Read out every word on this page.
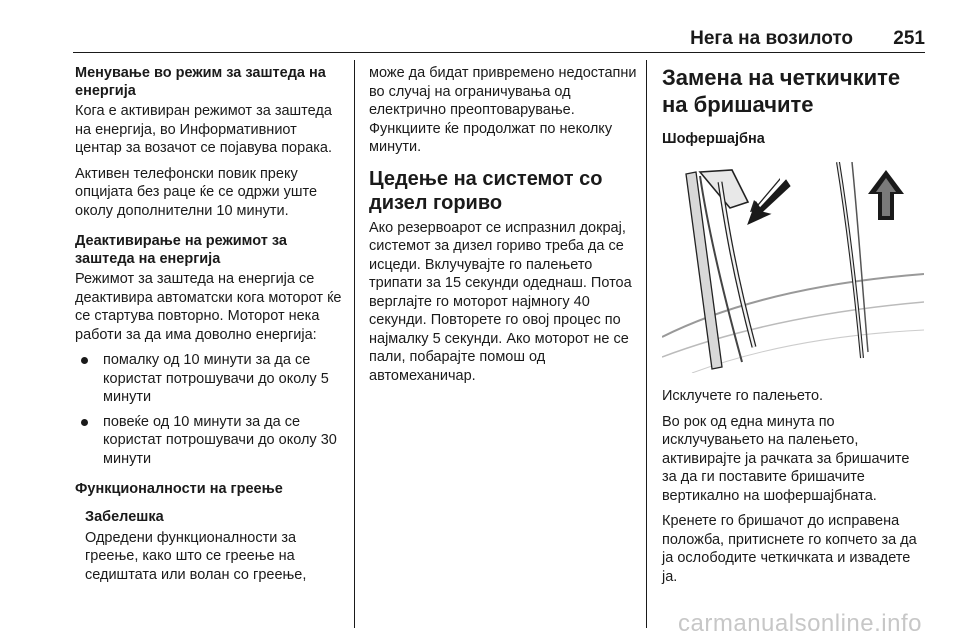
Нега на возилото 251
Менување во режим за заштеда на енергија

Кога е активиран режимот за заштеда на енергија, во Информативниот центар за возачот се појавува порака.

Активен телефонски повик преку опцијата без раце ќе се одржи уште околу дополнителни 10 минути.

Деактивирање на режимот за заштеда на енергија

Режимот за заштеда на енергија се деактивира автоматски кога моторот ќе се стартува повторно. Моторот нека работи за да има доволно енергија:

помалку од 10 минути за да се користат потрошувачи до околу 5 минути
повеќе од 10 минути за да се користат потрошувачи до околу 30 минути
Функционалности на греење
Забелешка

Одредени функционалности за греење, како што се греење на седиштата или волан со греење,

може да бидат привремено недостапни во случај на ограничувања од електрично преоптоварување. Функциите ќе продолжат по неколку минути.

Цедење на системот со дизел гориво

Ако резервоарот се испразнил докрај, системот за дизел гориво треба да се исцеди. Вклучувајте го палењето трипати за 15 секунди одеднаш. Потоа верглајте го моторот најмногу 40 секунди. Повторете го овој процес по најмалку 5 секунди. Ако моторот не се пали, побарајте помош од автомеханичар.

Замена на четкичките на бришачите
Шофершајбна

Исклучете го палењето.

Во рок од една минута по исклучувањето на палењето, активирајте ја рачката за бришачите за да ги поставите бришачите вертикално на шофершајбната.

Кренете го бришачот до исправена положба, притиснете го копчето за да ја ослободите четкичката и извадете ја.

carmanualsonline.info
